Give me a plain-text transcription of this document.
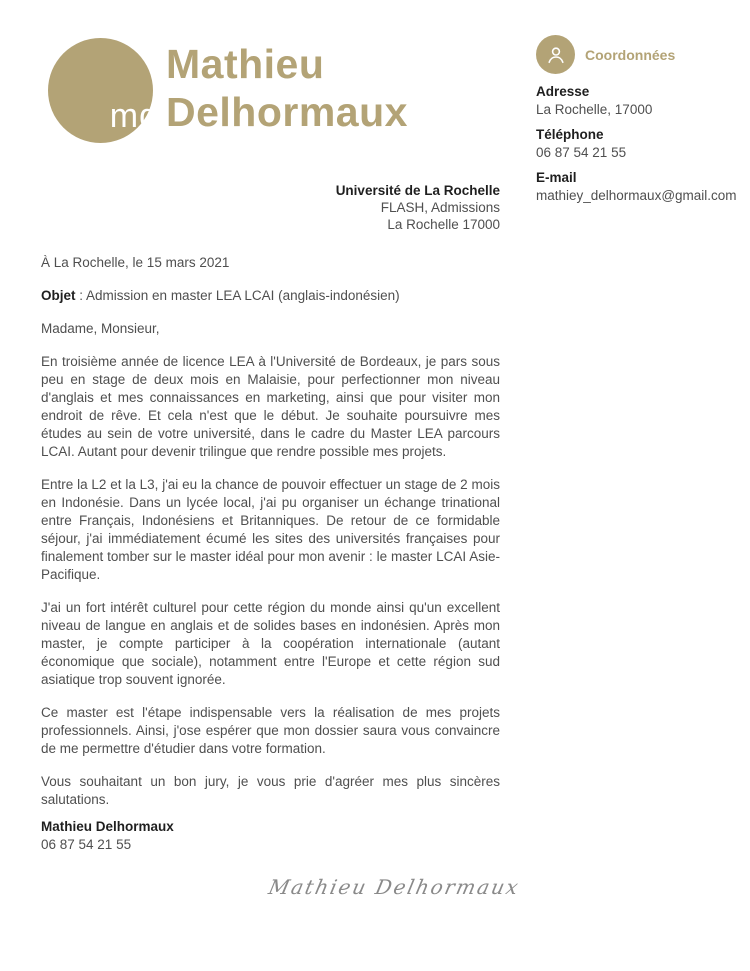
md
Mathieu
Delhormaux
Coordonnées
Adresse
La Rochelle, 17000
Téléphone
06 87 54 21 55
E-mail
mathiey_delhormaux@gmail.com
Université de La Rochelle
FLASH, Admissions
La Rochelle 17000
À La Rochelle, le 15 mars 2021
Objet : Admission en master LEA LCAI (anglais-indonésien)
Madame, Monsieur,

En troisième année de licence LEA à l'Université de Bordeaux, je pars sous peu en stage de deux mois en Malaisie, pour perfectionner mon niveau d'anglais et mes connaissances en marketing, ainsi que pour visiter mon endroit de rêve. Et cela n'est que le début. Je souhaite poursuivre mes études au sein de votre université, dans le cadre du Master LEA parcours LCAI. Autant pour devenir trilingue que rendre possible mes projets.

Entre la L2 et la L3, j'ai eu la chance de pouvoir effectuer un stage de 2 mois en Indonésie. Dans un lycée local, j'ai pu organiser un échange trinational entre Français, Indonésiens et Britanniques. De retour de ce formidable séjour, j'ai immédiatement écumé les sites des universités françaises pour finalement tomber sur le master idéal pour mon avenir : le master LCAI Asie-Pacifique.

J'ai un fort intérêt culturel pour cette région du monde ainsi qu'un excellent niveau de langue en anglais et de solides bases en indonésien. Après mon master, je compte participer à la coopération internationale (autant économique que sociale), notamment entre l'Europe et cette région sud asiatique trop souvent ignorée.

Ce master est l'étape indispensable vers la réalisation de mes projets professionnels. Ainsi, j'ose espérer que mon dossier saura vous convaincre de me permettre d'étudier dans votre formation.

Vous souhaitant un bon jury, je vous prie d'agréer mes plus sincères salutations.

Mathieu Delhormaux
06 87 54 21 55
Mathieu Delhormaux
